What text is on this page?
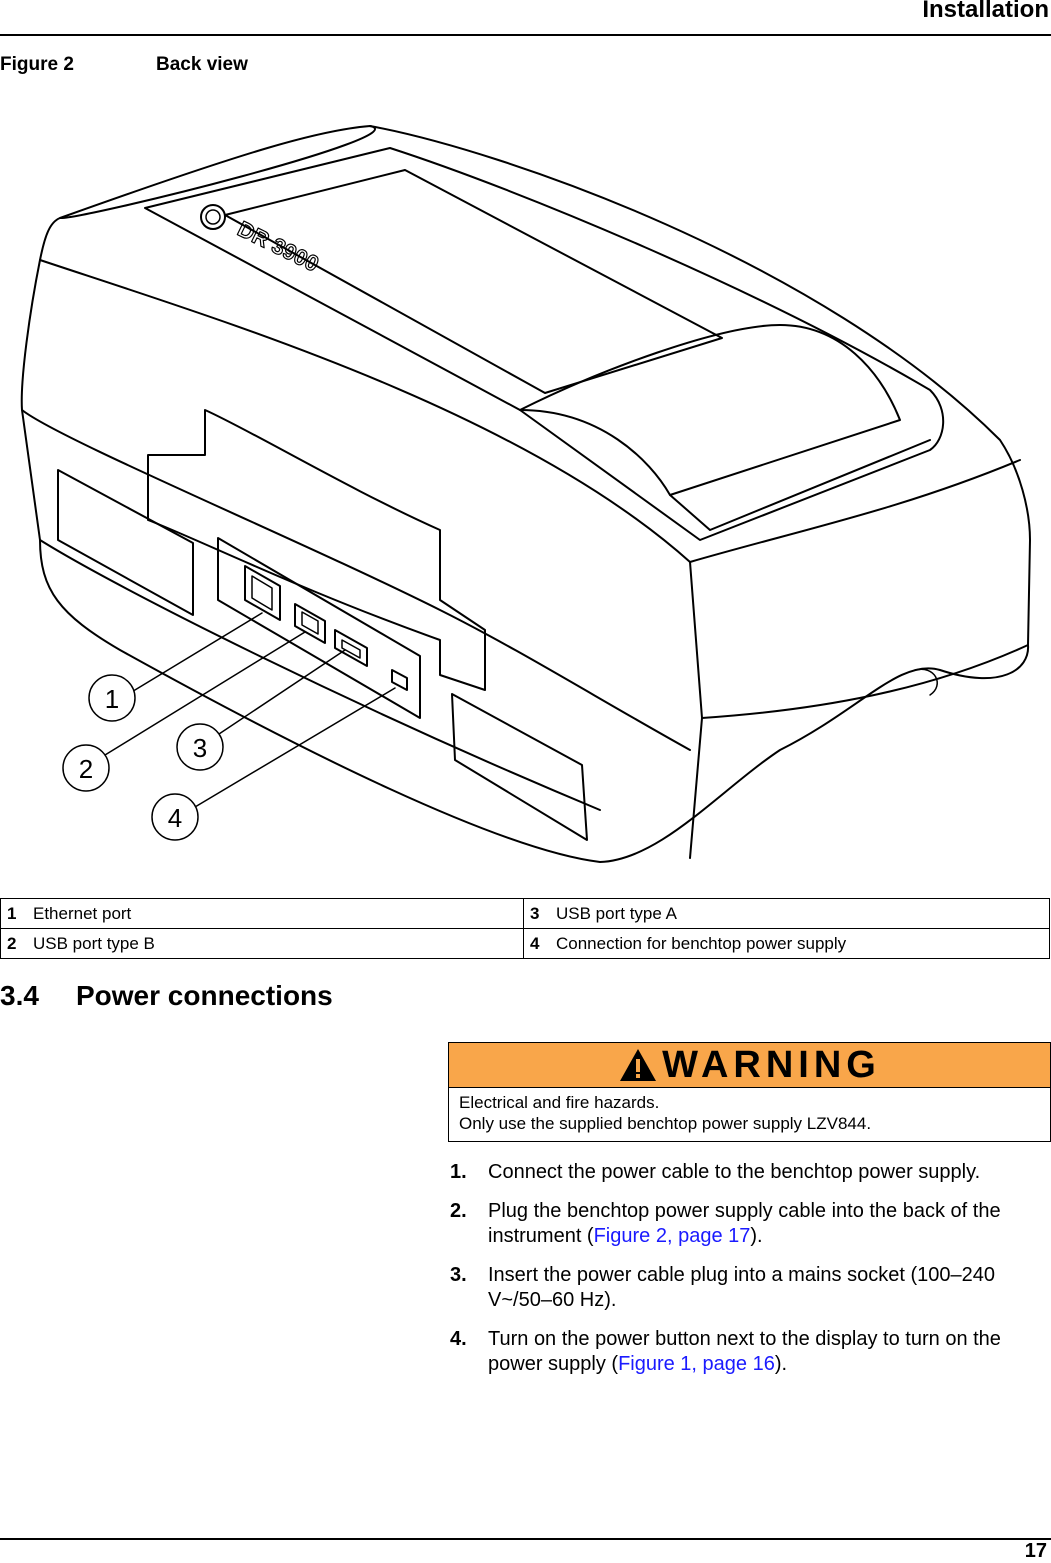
Installation
Figure 2	Back view
DR 3900
1
2
3
4
1	Ethernet port	3	USB port type A
2	USB port type B	4	Connection for benchtop power supply
3.4 Power connections
WARNING
Electrical and fire hazards.
Only use the supplied benchtop power supply LZV844.
1. Connect the power cable to the benchtop power supply.
2. Plug the benchtop power supply cable into the back of the instrument (Figure 2, page 17).
3. Insert the power cable plug into a mains socket (100–240 V~/50–60 Hz).
4. Turn on the power button next to the display to turn on the power supply (Figure 1, page 16).
17
